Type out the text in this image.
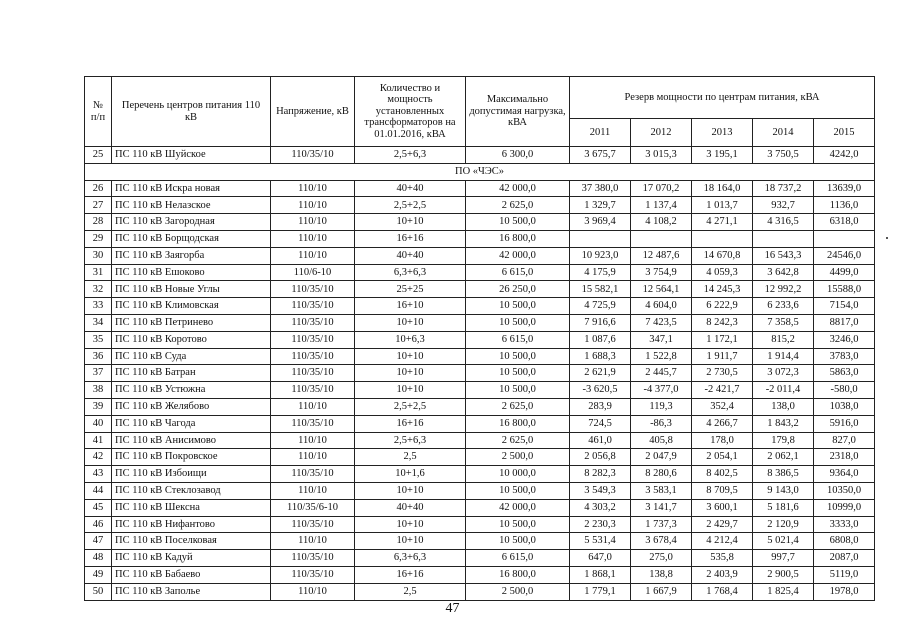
№ п/п	Перечень центров питания 110 кВ	Напряжение, кВ	Количество и мощность установленных трансформаторов на 01.01.2016, кВА	Максимально допустимая нагрузка, кВА	Резерв мощности по центрам питания, кВА				
					2011	2012	2013	2014	2015
25	ПС 110 кВ Шуйское	110/35/10	2,5+6,3	6 300,0	3 675,7	3 015,3	3 195,1	3 750,5	4242,0
ПО «ЧЭС»									
26	ПС 110 кВ Искра новая	110/10	40+40	42 000,0	37 380,0	17 070,2	18 164,0	18 737,2	13639,0
27	ПС 110 кВ Нелазское	110/10	2,5+2,5	2 625,0	1 329,7	1 137,4	1 013,7	932,7	1136,0
28	ПС 110 кВ Загородная	110/10	10+10	10 500,0	3 969,4	4 108,2	4 271,1	4 316,5	6318,0
29	ПС 110 кВ Борщодская	110/10	16+16	16 800,0					
30	ПС 110 кВ Заягорба	110/10	40+40	42 000,0	10 923,0	12 487,6	14 670,8	16 543,3	24546,0
31	ПС 110 кВ Ешоково	110/6-10	6,3+6,3	6 615,0	4 175,9	3 754,9	4 059,3	3 642,8	4499,0
32	ПС 110 кВ Новые Углы	110/35/10	25+25	26 250,0	15 582,1	12 564,1	14 245,3	12 992,2	15588,0
33	ПС 110 кВ Климовская	110/35/10	16+10	10 500,0	4 725,9	4 604,0	6 222,9	6 233,6	7154,0
34	ПС 110 кВ Петринево	110/35/10	10+10	10 500,0	7 916,6	7 423,5	8 242,3	7 358,5	8817,0
35	ПС 110 кВ Коротово	110/35/10	10+6,3	6 615,0	1 087,6	347,1	1 172,1	815,2	3246,0
36	ПС 110 кВ Суда	110/35/10	10+10	10 500,0	1 688,3	1 522,8	1 911,7	1 914,4	3783,0
37	ПС 110 кВ Батран	110/35/10	10+10	10 500,0	2 621,9	2 445,7	2 730,5	3 072,3	5863,0
38	ПС 110 кВ Устюжна	110/35/10	10+10	10 500,0	-3 620,5	-4 377,0	-2 421,7	-2 011,4	-580,0
39	ПС 110 кВ Желябово	110/10	2,5+2,5	2 625,0	283,9	119,3	352,4	138,0	1038,0
40	ПС 110 кВ Чагода	110/35/10	16+16	16 800,0	724,5	-86,3	4 266,7	1 843,2	5916,0
41	ПС 110 кВ Анисимово	110/10	2,5+6,3	2 625,0	461,0	405,8	178,0	179,8	827,0
42	ПС 110 кВ Покровское	110/10	2,5	2 500,0	2 056,8	2 047,9	2 054,1	2 062,1	2318,0
43	ПС 110 кВ Избоищи	110/35/10	10+1,6	10 000,0	8 282,3	8 280,6	8 402,5	8 386,5	9364,0
44	ПС 110 кВ Стеклозавод	110/10	10+10	10 500,0	3 549,3	3 583,1	8 709,5	9 143,0	10350,0
45	ПС 110 кВ Шексна	110/35/6-10	40+40	42 000,0	4 303,2	3 141,7	3 600,1	5 181,6	10999,0
46	ПС 110 кВ Нифантово	110/35/10	10+10	10 500,0	2 230,3	1 737,3	2 429,7	2 120,9	3333,0
47	ПС 110 кВ Поселковая	110/10	10+10	10 500,0	5 531,4	3 678,4	4 212,4	5 021,4	6808,0
48	ПС 110 кВ Кадуй	110/35/10	6,3+6,3	6 615,0	647,0	275,0	535,8	997,7	2087,0
49	ПС 110 кВ Бабаево	110/35/10	16+16	16 800,0	1 868,1	138,8	2 403,9	2 900,5	5119,0
50	ПС 110 кВ Заполье	110/10	2,5	2 500,0	1 779,1	1 667,9	1 768,4	1 825,4	1978,0
47
